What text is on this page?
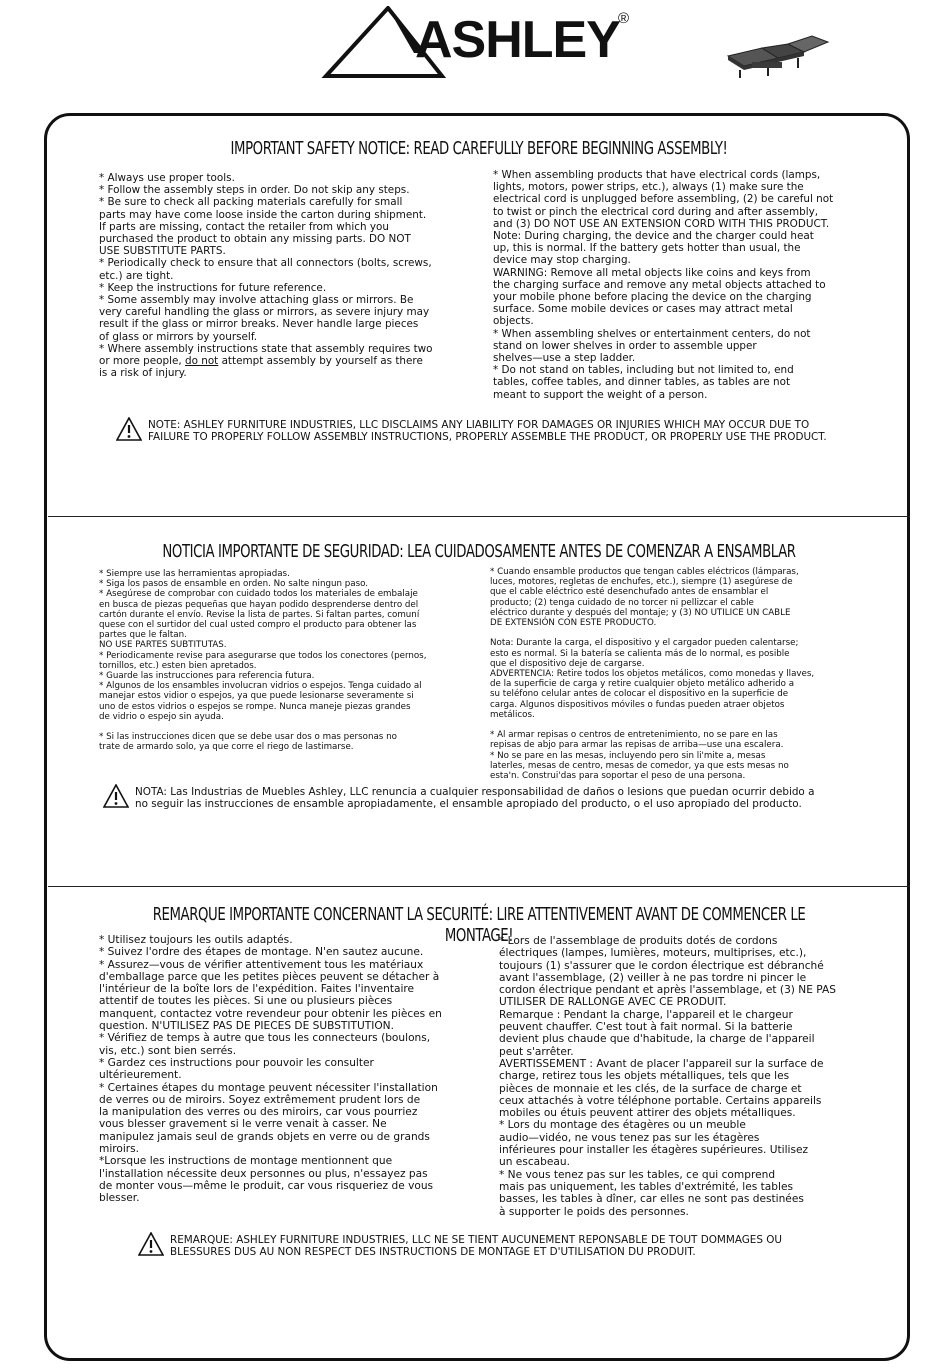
ASHLEY
®
IMPORTANT SAFETY NOTICE: READ CAREFULLY BEFORE BEGINNING ASSEMBLY!

* Always use proper tools.

* Follow the assembly steps in order. Do not skip any steps.

* Be sure to check all packing materials carefully for small
parts may have come loose inside the carton during shipment.
If parts are missing, contact the retailer from which you
purchased the product to obtain any missing parts. DO NOT
USE SUBSTITUTE PARTS.

* Periodically check to ensure that all connectors (bolts, screws,
etc.) are tight.

* Keep the instructions for future reference.

* Some assembly may involve attaching glass or mirrors. Be
very careful handling the glass or mirrors, as severe injury may
result if the glass or mirror breaks. Never handle large pieces
of glass or mirrors by yourself.

* Where assembly instructions state that assembly requires two
or more people, do not attempt assembly by yourself as there
is a risk of injury.

* When assembling products that have electrical cords (lamps,
lights, motors, power strips, etc.), always (1) make sure the
electrical cord is unplugged before assembling, (2) be careful not
to twist or pinch the electrical cord during and after assembly,
and (3) DO NOT USE AN EXTENSION CORD WITH THIS PRODUCT.
Note: During charging, the device and the charger could heat
up, this is normal. If the battery gets hotter than usual, the
device may stop charging.
WARNING: Remove all metal objects like coins and keys from
the charging surface and remove any metal objects attached to
your mobile phone before placing the device on the charging
surface. Some mobile devices or cases may attract metal
objects.

* When assembling shelves or entertainment centers, do not
stand on lower shelves in order to assemble upper
shelves—use a step ladder.

* Do not stand on tables, including but not limited to, end
tables, coffee tables, and dinner tables, as tables are not
meant to support the weight of a person.

NOTE: ASHLEY FURNITURE INDUSTRIES, LLC DISCLAIMS ANY LIABILITY FOR DAMAGES OR INJURIES WHICH MAY OCCUR DUE TO
FAILURE TO PROPERLY FOLLOW ASSEMBLY INSTRUCTIONS, PROPERLY ASSEMBLE THE PRODUCT, OR PROPERLY USE THE PRODUCT.
NOTICIA IMPORTANTE DE SEGURIDAD: LEA CUIDADOSAMENTE ANTES DE COMENZAR A ENSAMBLAR

* Siempre use las herramientas apropiadas.
* Siga los pasos de ensamble en orden. No salte ningun paso.
* Asegúrese de comprobar con cuidado todos los materiales de embalaje
en busca de piezas pequeñas que hayan podido desprenderse dentro del
cartón durante el envío. Revise la lista de partes. Si faltan partes, comuní
quese con el surtidor del cual usted compro el producto para obtener las
partes que le faltan.
NO USE PARTES SUBTITUTAS.
* Periodicamente revise para asegurarse que todos los conectores (pernos,
tornillos, etc.) esten bien apretados.
* Guarde las instrucciones para referencia futura.
* Algunos de los ensambles involucran vidrios o espejos. Tenga cuidado al
manejar estos vidior o espejos, ya que puede lesionarse severamente si
uno de estos vidrios o espejos se rompe. Nunca maneje piezas grandes
de vidrio o espejo sin ayuda.

* Si las instrucciones dicen que se debe usar dos o mas personas no
trate de armardo solo, ya que corre el riego de lastimarse.

* Cuando ensamble productos que tengan cables eléctricos (lámparas,
luces, motores, regletas de enchufes, etc.), siempre (1) asegúrese de
que el cable eléctrico esté desenchufado antes de ensamblar el
producto; (2) tenga cuidado de no torcer ni pellizcar el cable
eléctrico durante y después del montaje; y (3) NO UTILICE UN CABLE
DE EXTENSIÓN CON ESTE PRODUCTO.

Nota: Durante la carga, el dispositivo y el cargador pueden calentarse;
esto es normal. Si la batería se calienta más de lo normal, es posible
que el dispositivo deje de cargarse.
ADVERTENCIA: Retire todos los objetos metálicos, como monedas y llaves,
de la superficie de carga y retire cualquier objeto metálico adherido a
su teléfono celular antes de colocar el dispositivo en la superficie de
carga. Algunos dispositivos móviles o fundas pueden atraer objetos
metálicos.

* Al armar repisas o centros de entretenimiento, no se pare en las
repisas de abjo para armar las repisas de arriba—use una escalera.
* No se pare en las mesas, incluyendo pero sin li'mite a, mesas
laterles, mesas de centro, mesas de comedor, ya que ests mesas no
esta'n. Construi'das para soportar el peso de una persona.

NOTA: Las Industrias de Muebles Ashley, LLC renuncia a cualquier responsabilidad de daños o lesions que puedan ocurrir debido a
no seguir las instrucciones de ensamble apropiadamente, el ensamble apropiado del producto, o el uso apropiado del producto.
REMARQUE IMPORTANTE CONCERNANT LA SECURITÉ: LIRE ATTENTIVEMENT AVANT DE COMMENCER LE MONTAGE!

* Utilisez toujours les outils adaptés.
* Suivez l'ordre des étapes de montage. N'en sautez aucune.
* Assurez—vous de vérifier attentivement tous les matériaux
d'emballage parce que les petites pièces peuvent se détacher à
l'intérieur de la boîte lors de l'expédition. Faites l'inventaire
attentif de toutes les pièces. Si une ou plusieurs pièces
manquent, contactez votre revendeur pour obtenir les pièces en
question. N'UTILISEZ PAS DE PIECES DE SUBSTITUTION.
* Vérifiez de temps à autre que tous les connecteurs (boulons,
vis, etc.) sont bien serrés.
* Gardez ces instructions pour pouvoir les consulter
ultérieurement.
* Certaines étapes du montage peuvent nécessiter l'installation
de verres ou de miroirs. Soyez extrêmement prudent lors de
la manipulation des verres ou des miroirs, car vous pourriez
vous blesser gravement si le verre venait à casser. Ne
manipulez jamais seul de grands objets en verre ou de grands
miroirs.
*Lorsque les instructions de montage mentionnent que
l'installation nécessite deux personnes ou plus, n'essayez pas
de monter vous—même le produit, car vous risqueriez de vous
blesser.

* Lors de l'assemblage de produits dotés de cordons
électriques (lampes, lumières, moteurs, multiprises, etc.),
toujours (1) s'assurer que le cordon électrique est débranché
avant l'assemblage, (2) veiller à ne pas tordre ni pincer le
cordon électrique pendant et après l'assemblage, et (3) NE PAS
UTILISER DE RALLONGE AVEC CE PRODUIT.
Remarque : Pendant la charge, l'appareil et le chargeur
peuvent chauffer. C'est tout à fait normal. Si la batterie
devient plus chaude que d'habitude, la charge de l'appareil
peut s'arrêter.
AVERTISSEMENT : Avant de placer l'appareil sur la surface de
charge, retirez tous les objets métalliques, tels que les
pièces de monnaie et les clés, de la surface de charge et
ceux attachés à votre téléphone portable. Certains appareils
mobiles ou étuis peuvent attirer des objets métalliques.
* Lors du montage des étagères ou un meuble
audio—vidéo, ne vous tenez pas sur les étagères
inférieures pour installer les étagères supérieures. Utilisez
un escabeau.
* Ne vous tenez pas sur les tables, ce qui comprend
mais pas uniquement, les tables d'extrémité, les tables
basses, les tables à dîner, car elles ne sont pas destinées
à supporter le poids des personnes.

REMARQUE: ASHLEY FURNITURE INDUSTRIES, LLC NE SE TIENT AUCUNEMENT REPONSABLE DE TOUT DOMMAGES OU
BLESSURES DUS AU NON RESPECT DES INSTRUCTIONS DE MONTAGE ET D'UTILISATION DU PRODUIT.
